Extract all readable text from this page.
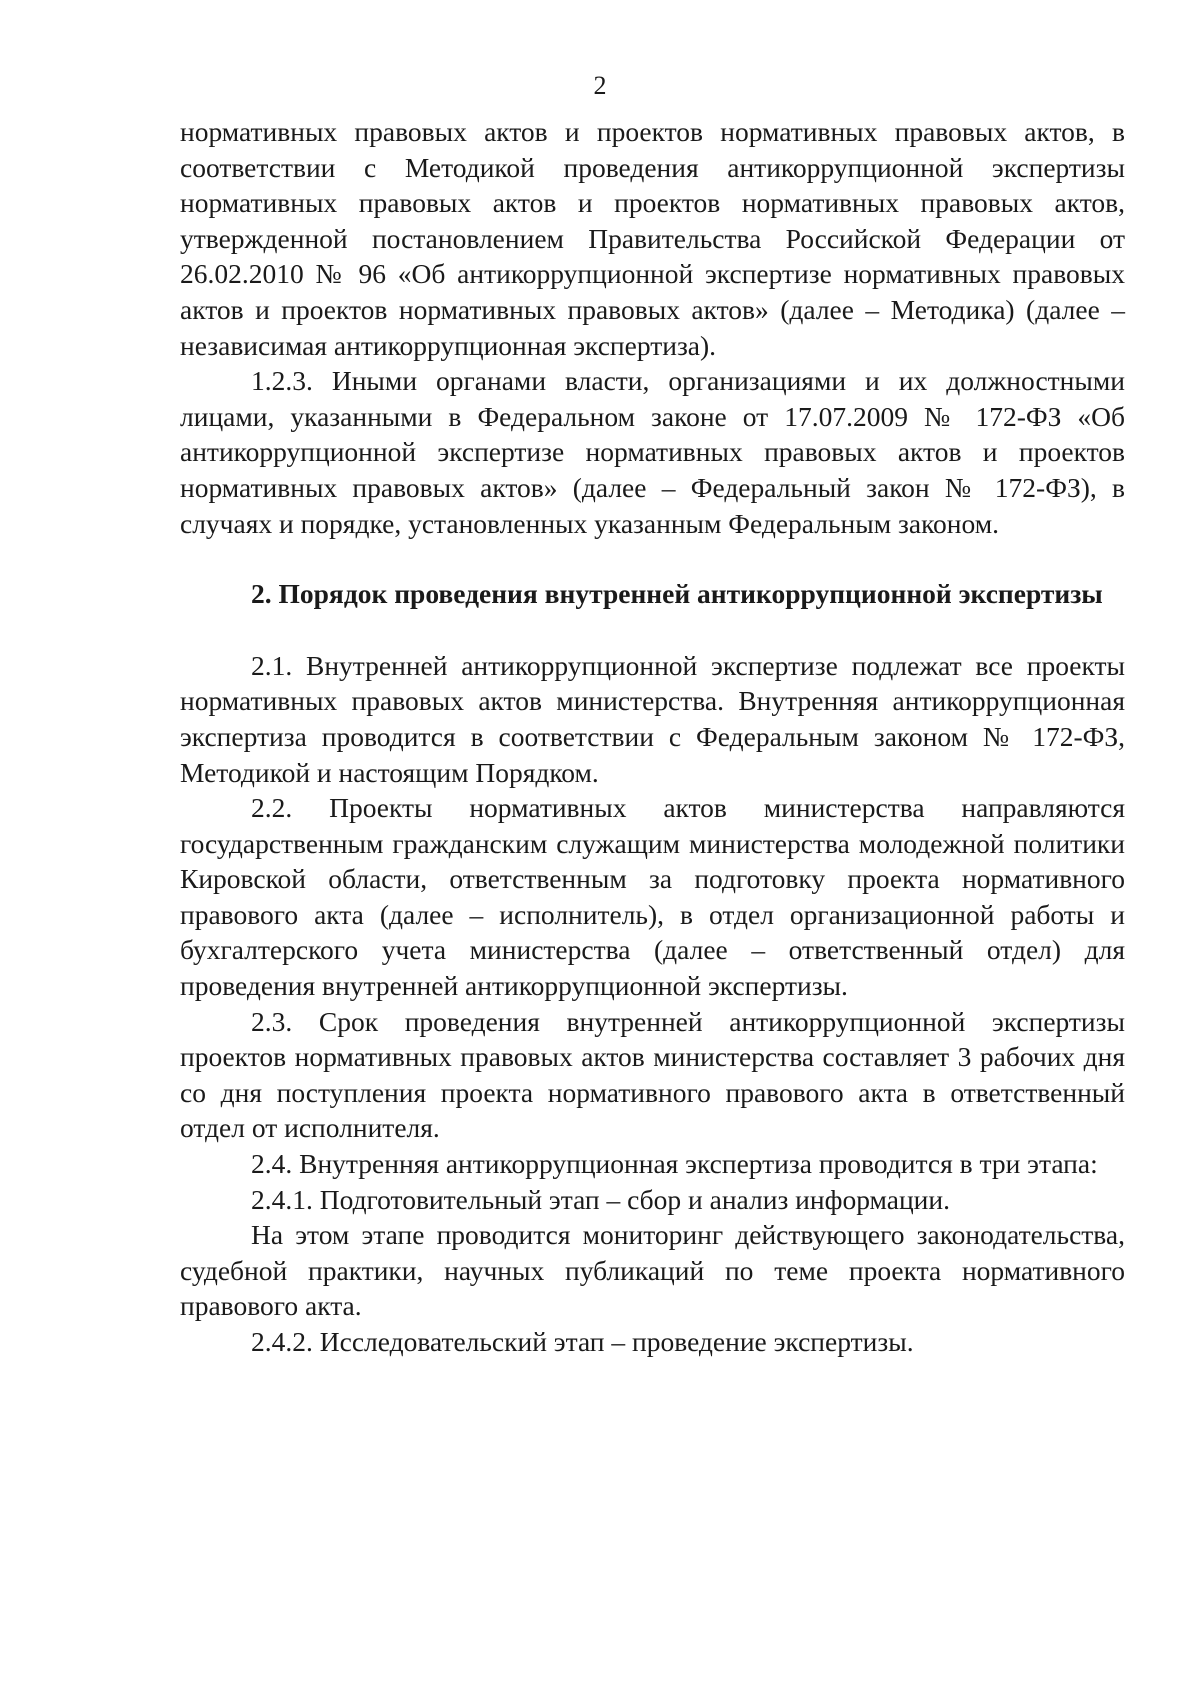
2

нормативных правовых актов и проектов нормативных правовых актов, в соответствии с Методикой проведения антикоррупционной экспертизы нормативных правовых актов и проектов нормативных правовых актов, утвержденной постановлением Правительства Российской Федерации от 26.02.2010 № 96 «Об антикоррупционной экспертизе нормативных правовых актов и проектов нормативных правовых актов» (далее – Методика) (далее – независимая антикоррупционная экспертиза).

1.2.3. Иными органами власти, организациями и их должностными лицами, указанными в Федеральном законе от 17.07.2009 № 172-ФЗ «Об антикоррупционной экспертизе нормативных правовых актов и проектов нормативных правовых актов» (далее – Федеральный закон № 172-ФЗ), в случаях и порядке, установленных указанным Федеральным законом.

2. Порядок проведения внутренней антикоррупционной экспертизы

2.1. Внутренней антикоррупционной экспертизе подлежат все проекты нормативных правовых актов министерства. Внутренняя антикоррупционная экспертиза проводится в соответствии с Федеральным законом № 172-ФЗ, Методикой и настоящим Порядком.

2.2. Проекты нормативных актов министерства направляются государственным гражданским служащим министерства молодежной политики Кировской области, ответственным за подготовку проекта нормативного правового акта (далее – исполнитель), в отдел организационной работы и бухгалтерского учета министерства (далее – ответственный отдел) для проведения внутренней антикоррупционной экспертизы.

2.3. Срок проведения внутренней антикоррупционной экспертизы проектов нормативных правовых актов министерства составляет 3 рабочих дня со дня поступления проекта нормативного правового акта в ответственный отдел от исполнителя.

2.4. Внутренняя антикоррупционная экспертиза проводится в три этапа:

2.4.1. Подготовительный этап – сбор и анализ информации.

На этом этапе проводится мониторинг действующего законодательства, судебной практики, научных публикаций по теме проекта нормативного правового акта.

2.4.2. Исследовательский этап – проведение экспертизы.
